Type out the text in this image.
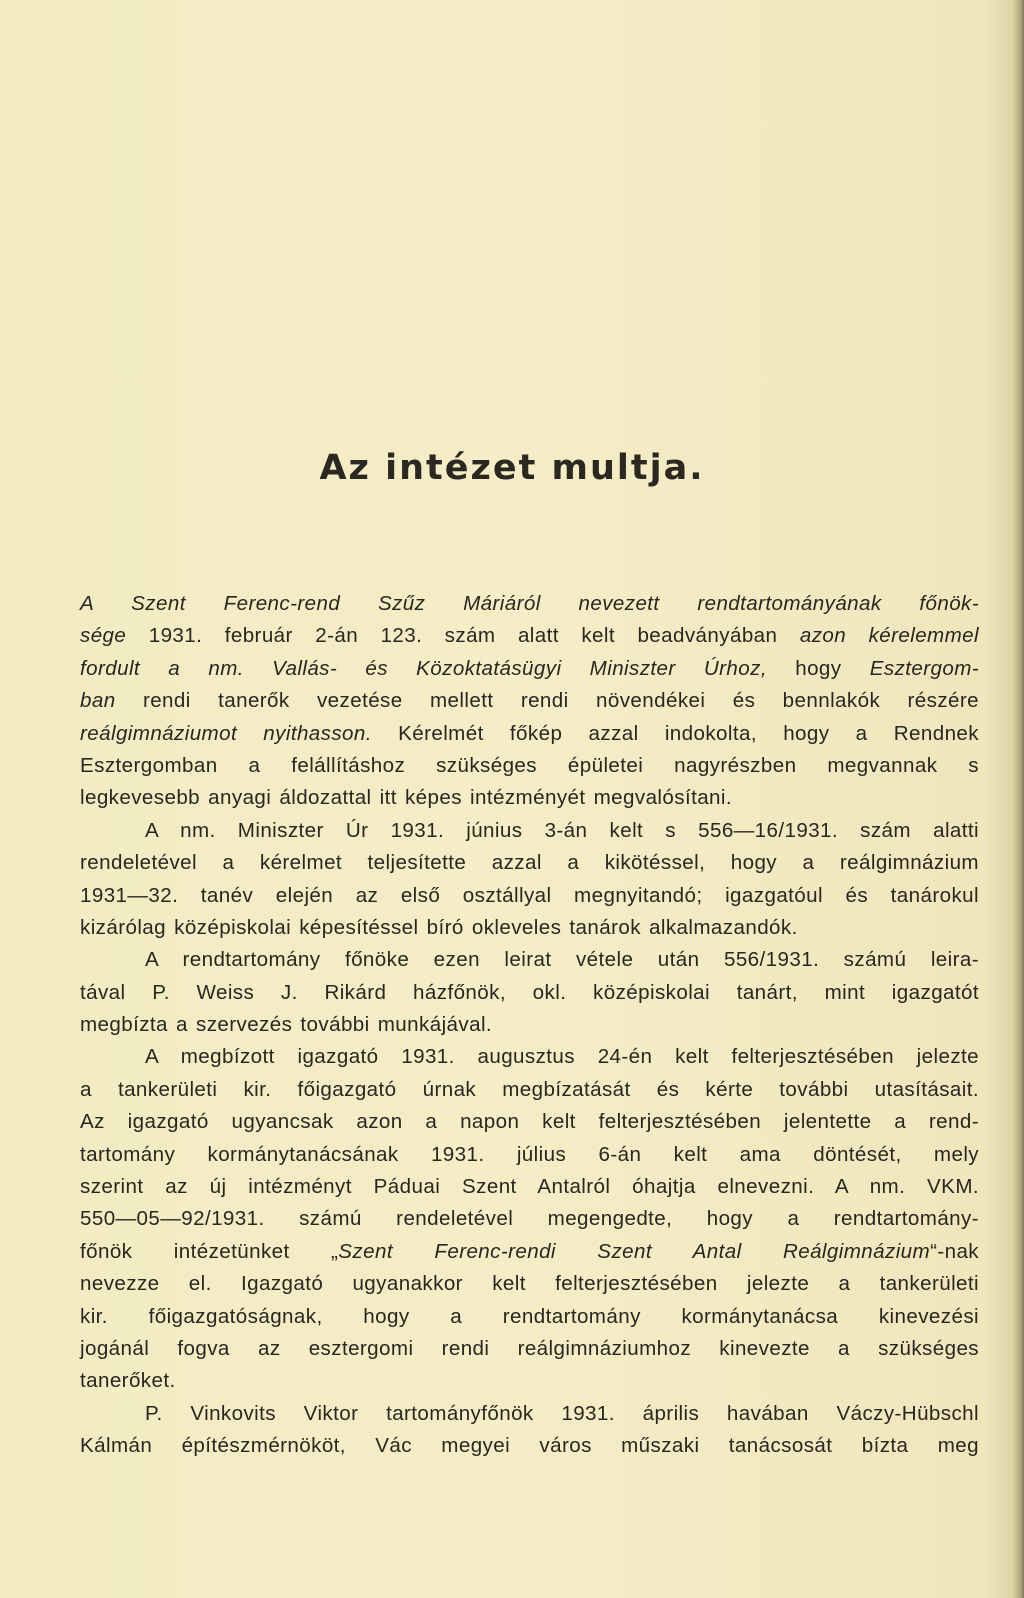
Az intézet multja.
A Szent Ferenc-rend Szűz Máriáról nevezett rendtartományának főnök-
sége 1931. február 2-án 123. szám alatt kelt beadványában azon kérelemmel
fordult a nm. Vallás- és Közoktatásügyi Miniszter Úrhoz, hogy Esztergom-
ban rendi tanerők vezetése mellett rendi növendékei és bennlakók részére
reálgimnáziumot nyithasson. Kérelmét főkép azzal indokolta, hogy a Rendnek
Esztergomban a felállításhoz szükséges épületei nagyrészben megvannak s
legkevesebb anyagi áldozattal itt képes intézményét megvalósítani.
A nm. Miniszter Úr 1931. június 3-án kelt s 556—16/1931. szám alatti
rendeletével a kérelmet teljesítette azzal a kikötéssel, hogy a reálgimnázium
1931—32. tanév elején az első osztállyal megnyitandó; igazgatóul és tanárokul
kizárólag középiskolai képesítéssel bíró okleveles tanárok alkalmazandók.
A rendtartomány főnöke ezen leirat vétele után 556/1931. számú leira-
tával P. Weiss J. Rikárd házfőnök, okl. középiskolai tanárt, mint igazgatót
megbízta a szervezés további munkájával.
A megbízott igazgató 1931. augusztus 24-én kelt felterjesztésében jelezte
a tankerületi kir. főigazgató úrnak megbízatását és kérte további utasításait.
Az igazgató ugyancsak azon a napon kelt felterjesztésében jelentette a rend-
tartomány kormánytanácsának 1931. július 6-án kelt ama döntését, mely
szerint az új intézményt Páduai Szent Antalról óhajtja elnevezni. A nm. VKM.
550—05—92/1931. számú rendeletével megengedte, hogy a rendtartomány-
főnök intézetünket „Szent Ferenc-rendi Szent Antal Reálgimnázium“-nak
nevezze el. Igazgató ugyanakkor kelt felterjesztésében jelezte a tankerületi
kir. főigazgatóságnak, hogy a rendtartomány kormánytanácsa kinevezési
jogánál fogva az esztergomi rendi reálgimnáziumhoz kinevezte a szükséges
tanerőket.
P. Vinkovits Viktor tartományfőnök 1931. április havában Váczy-Hübschl
Kálmán építészmérnököt, Vác megyei város műszaki tanácsosát bízta meg
